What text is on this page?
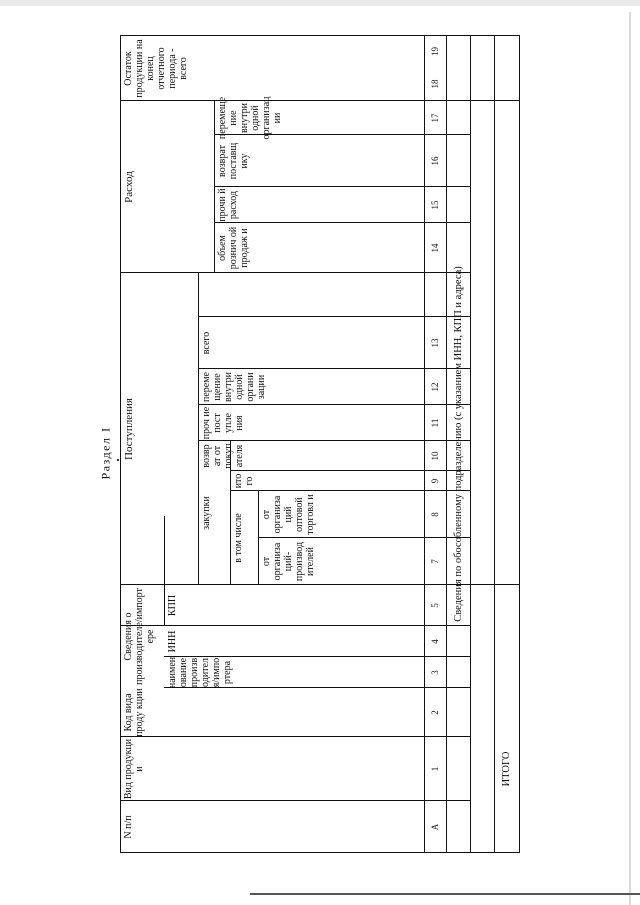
Раздел I
N п/п
Вид продукци и
Код вида проду кции
Сведения о производителе/импорт ере
наимен ование произв одител я/импо ртера
ИНН
КПП
Поступления
закупки
в том числе	от организа ций- производ ителей
от организа ций оптовой торговл и
ито го
возвр ат от покуп ателя
проч ие пост упле ния
переме щение внутри одной органи зации
всего
Расход
объем рознич ой продаж и
прочи й расход
возврат поставщ ику
перемеще ние внутри одной организац ии
Остаток продукции на конец отчетного периода - всего
1
2
3
4
5
7
8
9
10
11
12
13
14
15
16
17
18
19
А
Сведения по обособленному подразделению (с указанием ИНН, КПП и адреса)
ИТОГО
